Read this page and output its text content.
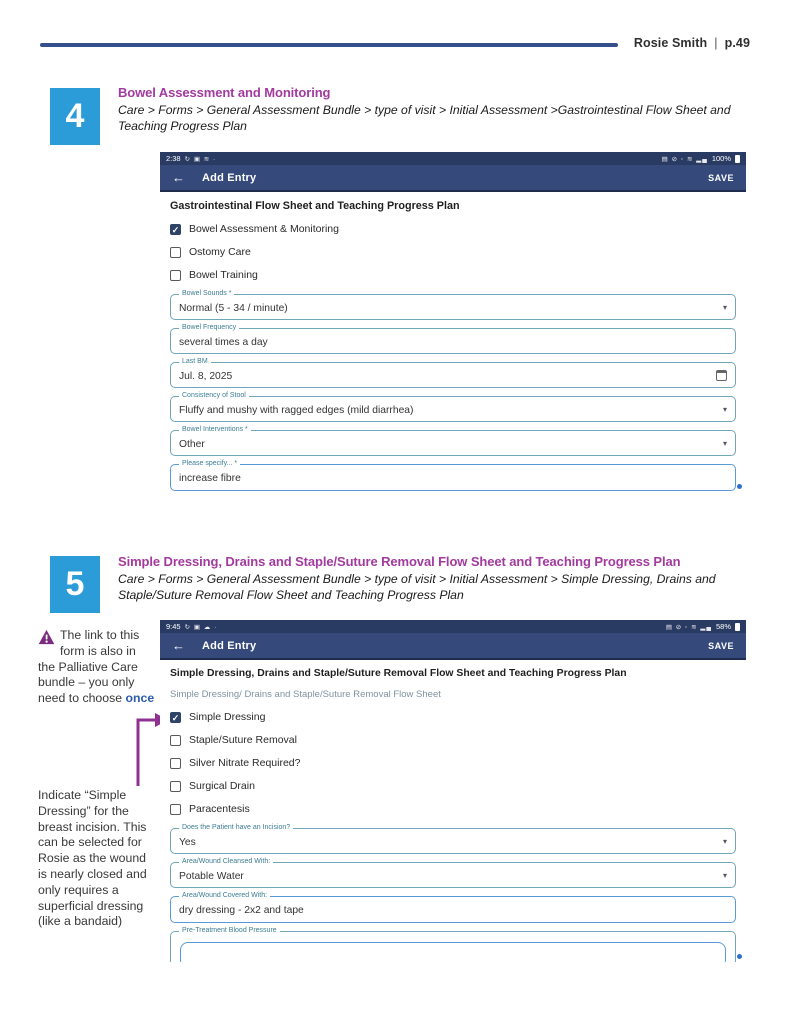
Rosie Smith | p.49
4
Bowel Assessment and Monitoring
Care > Forms > General Assessment Bundle > type of visit > Initial Assessment >Gastrointestinal Flow Sheet and Teaching Progress Plan
2:38 ↻ ▣ ≋ ·	▤ ⊘ ◦ ≋ ▂▄ 100%
←	Add Entry	SAVE
Gastrointestinal Flow Sheet and Teaching Progress Plan
✓ Bowel Assessment & Monitoring
Ostomy Care
Bowel Training
Bowel Sounds *
Normal (5 - 34 / minute)	▾
Bowel Frequency
several times a day
Last BM
Jul. 8, 2025
Consistency of Stool
Fluffy and mushy with ragged edges (mild diarrhea)	▾
Bowel Interventions *
Other	▾
Please specify... *
increase fibre
5
Simple Dressing, Drains and Staple/Suture Removal Flow Sheet and Teaching Progress Plan
Care > Forms > General Assessment Bundle > type of visit > Initial Assessment > Simple Dressing, Drains and Staple/Suture Removal Flow Sheet and Teaching Progress Plan
The link to this form is also in the Palliative Care bundle – you only need to choose once
Indicate “Simple Dressing” for the breast incision. This can be selected for Rosie as the wound is nearly closed and only requires a superficial dressing (like a bandaid)
9:45 ↻ ▣ ☁ ·	▤ ⊘ ◦ ≋ ▂▄ 58%
←	Add Entry	SAVE
Simple Dressing, Drains and Staple/Suture Removal Flow Sheet and Teaching Progress Plan
Simple Dressing/ Drains and Staple/Suture Removal Flow Sheet
✓ Simple Dressing
Staple/Suture Removal
Silver Nitrate Required?
Surgical Drain
Paracentesis
Does the Patient have an Incision?
Yes	▾
Area/Wound Cleansed With:
Potable Water	▾
Area/Wound Covered With:
dry dressing - 2x2 and tape
Pre-Treatment Blood Pressure
